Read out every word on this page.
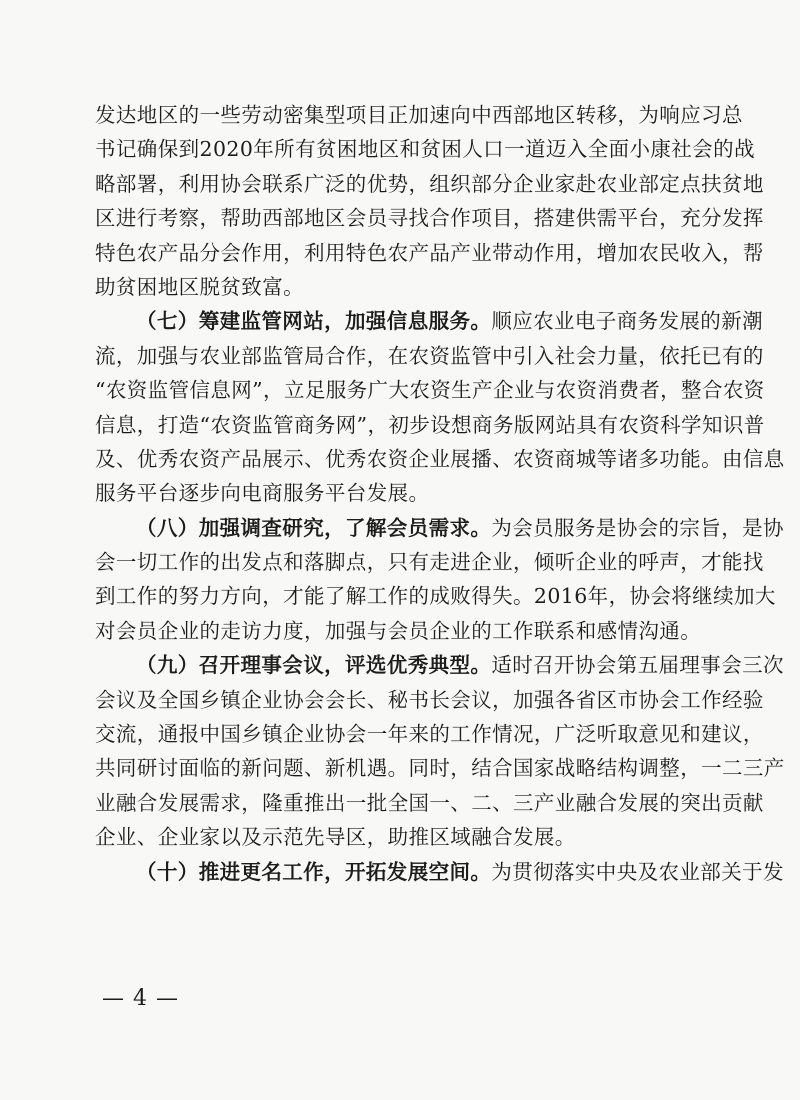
发达地区的一些劳动密集型项目正加速向中西部地区转移，为响应习总
书记确保到2020年所有贫困地区和贫困人口一道迈入全面小康社会的战
略部署，利用协会联系广泛的优势，组织部分企业家赴农业部定点扶贫地
区进行考察，帮助西部地区会员寻找合作项目，搭建供需平台，充分发挥
特色农产品分会作用，利用特色农产品产业带动作用，增加农民收入，帮
助贫困地区脱贫致富。
（七）筹建监管网站，加强信息服务。顺应农业电子商务发展的新潮
流，加强与农业部监管局合作，在农资监管中引入社会力量，依托已有的
“农资监管信息网”，立足服务广大农资生产企业与农资消费者，整合农资
信息，打造“农资监管商务网”，初步设想商务版网站具有农资科学知识普
及、优秀农资产品展示、优秀农资企业展播、农资商城等诸多功能。由信息
服务平台逐步向电商服务平台发展。
（八）加强调查研究，了解会员需求。为会员服务是协会的宗旨，是协
会一切工作的出发点和落脚点，只有走进企业，倾听企业的呼声，才能找
到工作的努力方向，才能了解工作的成败得失。2016年，协会将继续加大
对会员企业的走访力度，加强与会员企业的工作联系和感情沟通。
（九）召开理事会议，评选优秀典型。适时召开协会第五届理事会三次
会议及全国乡镇企业协会会长、秘书长会议，加强各省区市协会工作经验
交流，通报中国乡镇企业协会一年来的工作情况，广泛听取意见和建议，
共同研讨面临的新问题、新机遇。同时，结合国家战略结构调整，一二三产
业融合发展需求，隆重推出一批全国一、二、三产业融合发展的突出贡献
企业、企业家以及示范先导区，助推区域融合发展。
（十）推进更名工作，开拓发展空间。为贯彻落实中央及农业部关于发
— 4 —
